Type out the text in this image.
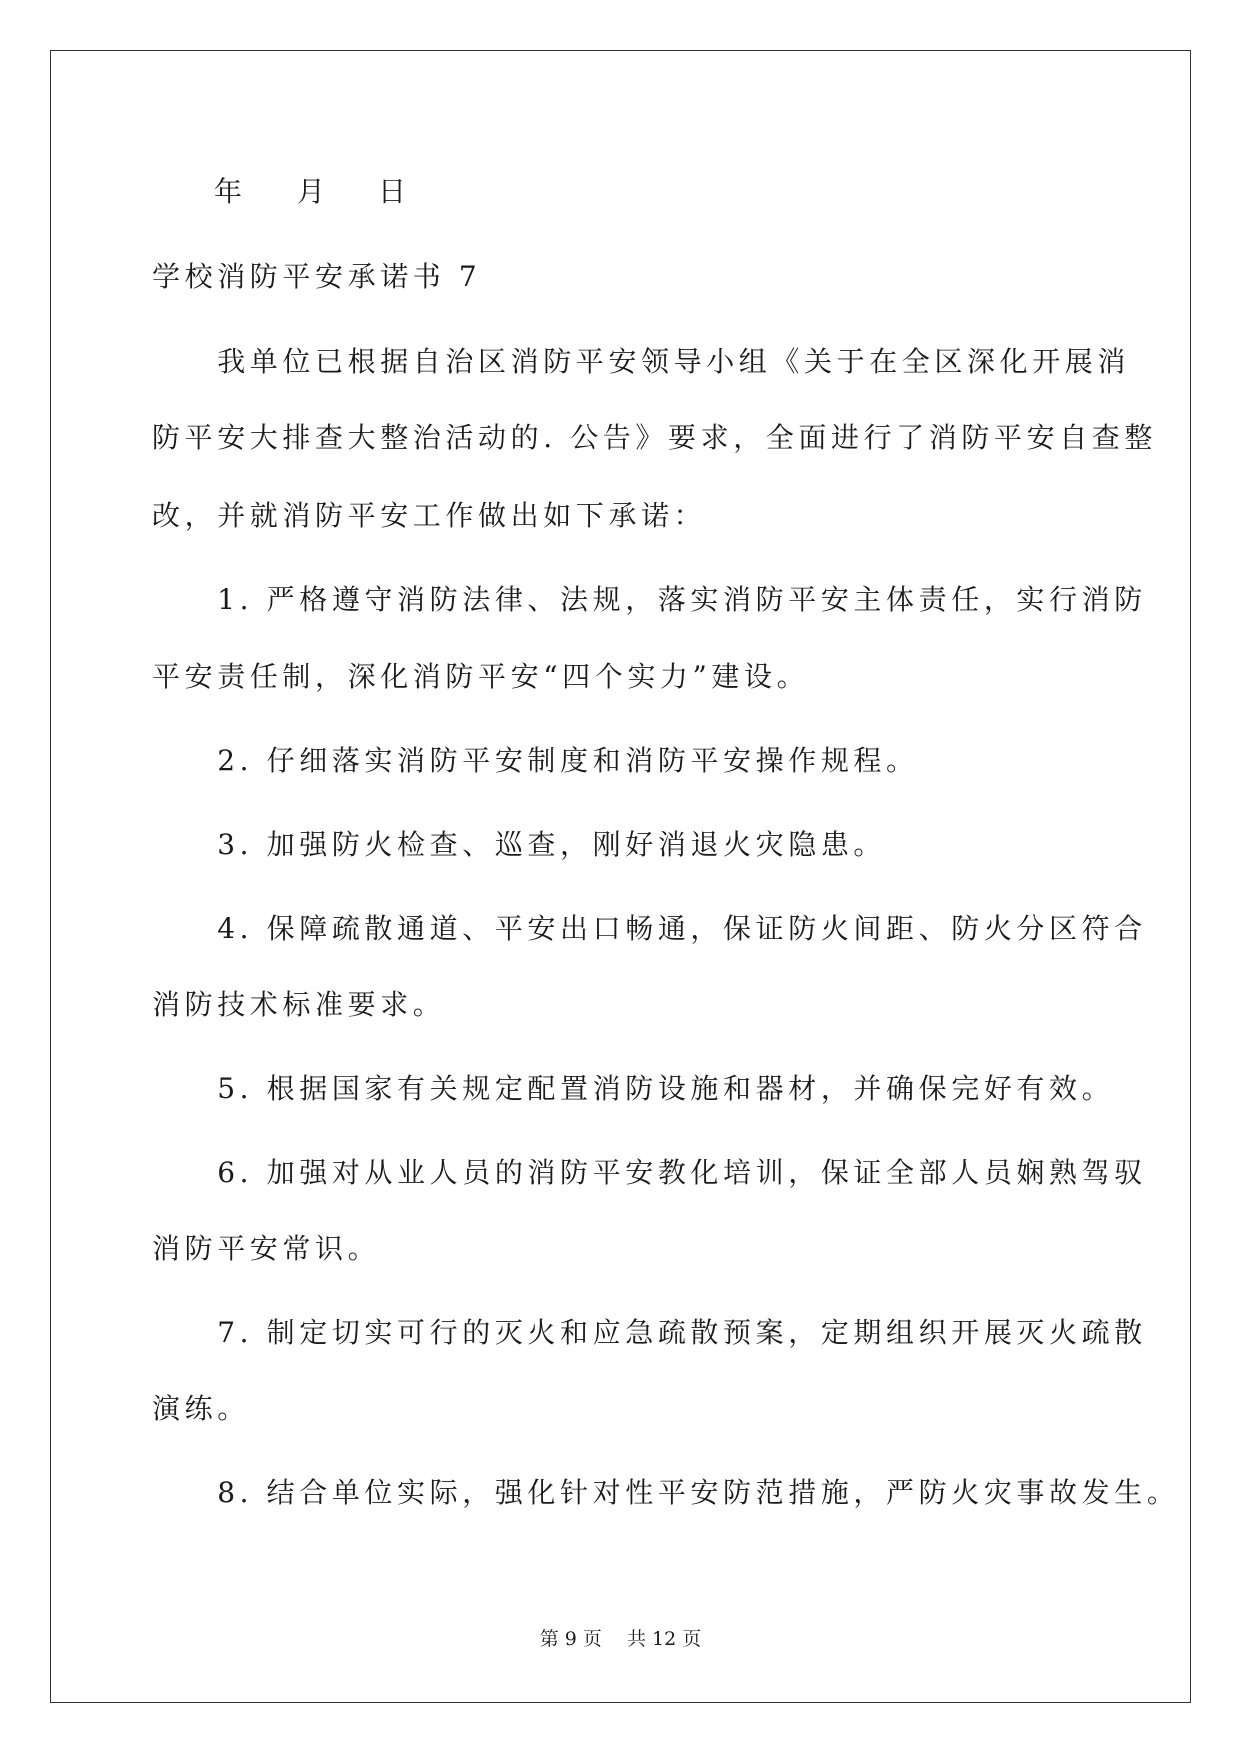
年 月 日
学校消防平安承诺书 7
　　我单位已根据自治区消防平安领导小组《关于在全区深化开展消
防平安大排查大整治活动的. 公告》要求，全面进行了消防平安自查整
改，并就消防平安工作做出如下承诺：
　　1. 严格遵守消防法律、法规，落实消防平安主体责任，实行消防
平安责任制，深化消防平安“四个实力”建设。
　　2. 仔细落实消防平安制度和消防平安操作规程。
　　3. 加强防火检查、巡查，刚好消退火灾隐患。
　　4. 保障疏散通道、平安出口畅通，保证防火间距、防火分区符合
消防技术标准要求。
　　5. 根据国家有关规定配置消防设施和器材，并确保完好有效。
　　6. 加强对从业人员的消防平安教化培训，保证全部人员娴熟驾驭
消防平安常识。
　　7. 制定切实可行的灭火和应急疏散预案，定期组织开展灭火疏散
演练。
　　8. 结合单位实际，强化针对性平安防范措施，严防火灾事故发生。
第 9 页　 共 12 页
